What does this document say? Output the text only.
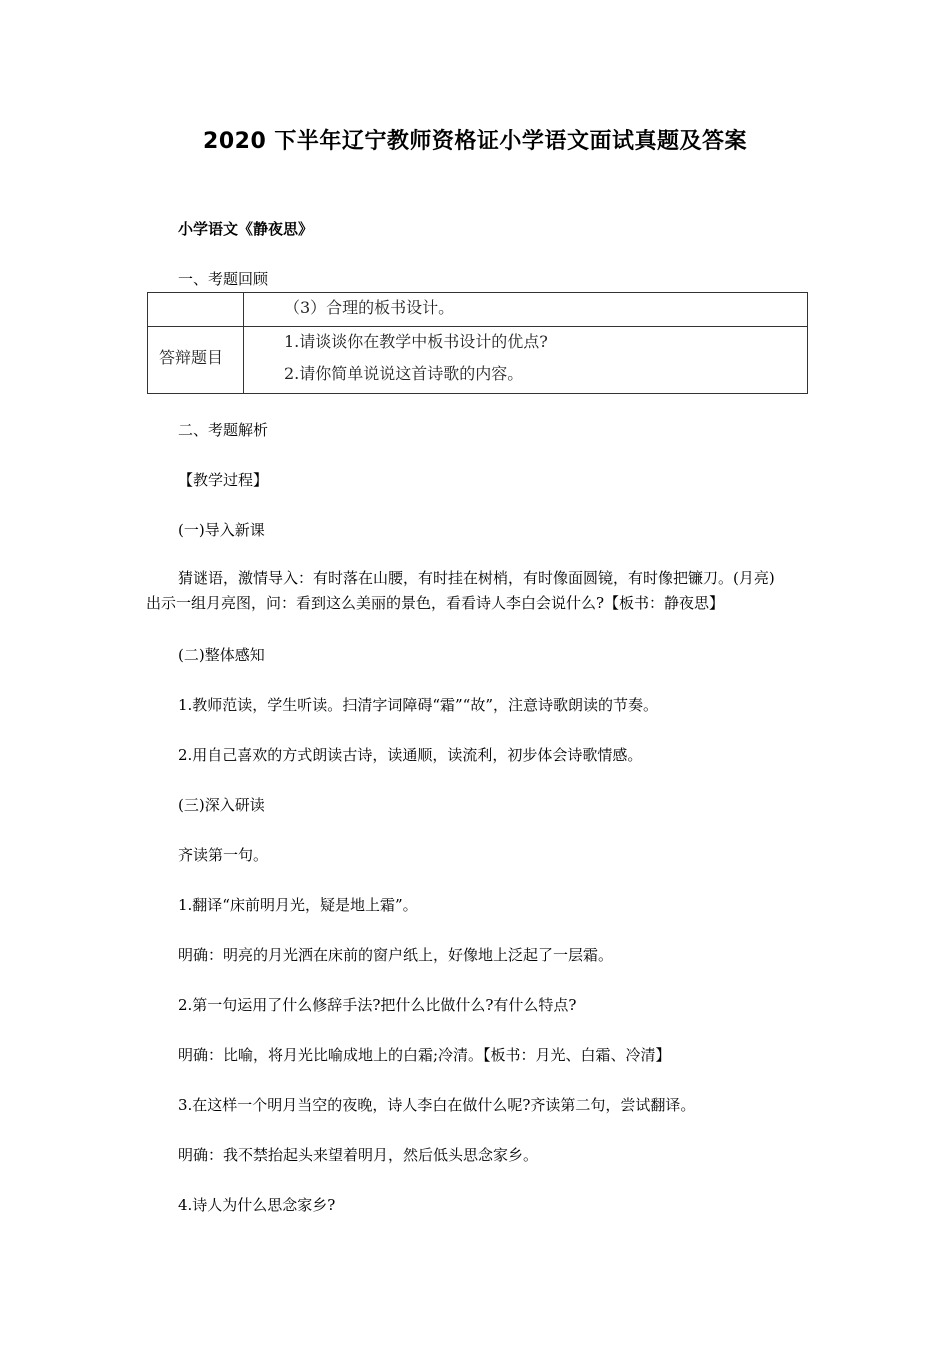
2020 下半年辽宁教师资格证小学语文面试真题及答案
小学语文《静夜思》
一、考题回顾
（3）合理的板书设计。
答辩题目
1.请谈谈你在教学中板书设计的优点?
2.请你简单说说这首诗歌的内容。
二、考题解析
【教学过程】
(一)导入新课
猜谜语，激情导入：有时落在山腰，有时挂在树梢，有时像面圆镜，有时像把镰刀。(月亮)
出示一组月亮图，问：看到这么美丽的景色，看看诗人李白会说什么?【板书：静夜思】
(二)整体感知
1.教师范读，学生听读。扫清字词障碍“霜”“故”，注意诗歌朗读的节奏。
2.用自己喜欢的方式朗读古诗，读通顺，读流利，初步体会诗歌情感。
(三)深入研读
齐读第一句。
1.翻译“床前明月光，疑是地上霜”。
明确：明亮的月光洒在床前的窗户纸上，好像地上泛起了一层霜。
2.第一句运用了什么修辞手法?把什么比做什么?有什么特点?
明确：比喻，将月光比喻成地上的白霜;冷清。【板书：月光、白霜、冷清】
3.在这样一个明月当空的夜晚，诗人李白在做什么呢?齐读第二句，尝试翻译。
明确：我不禁抬起头来望着明月，然后低头思念家乡。
4.诗人为什么思念家乡?
